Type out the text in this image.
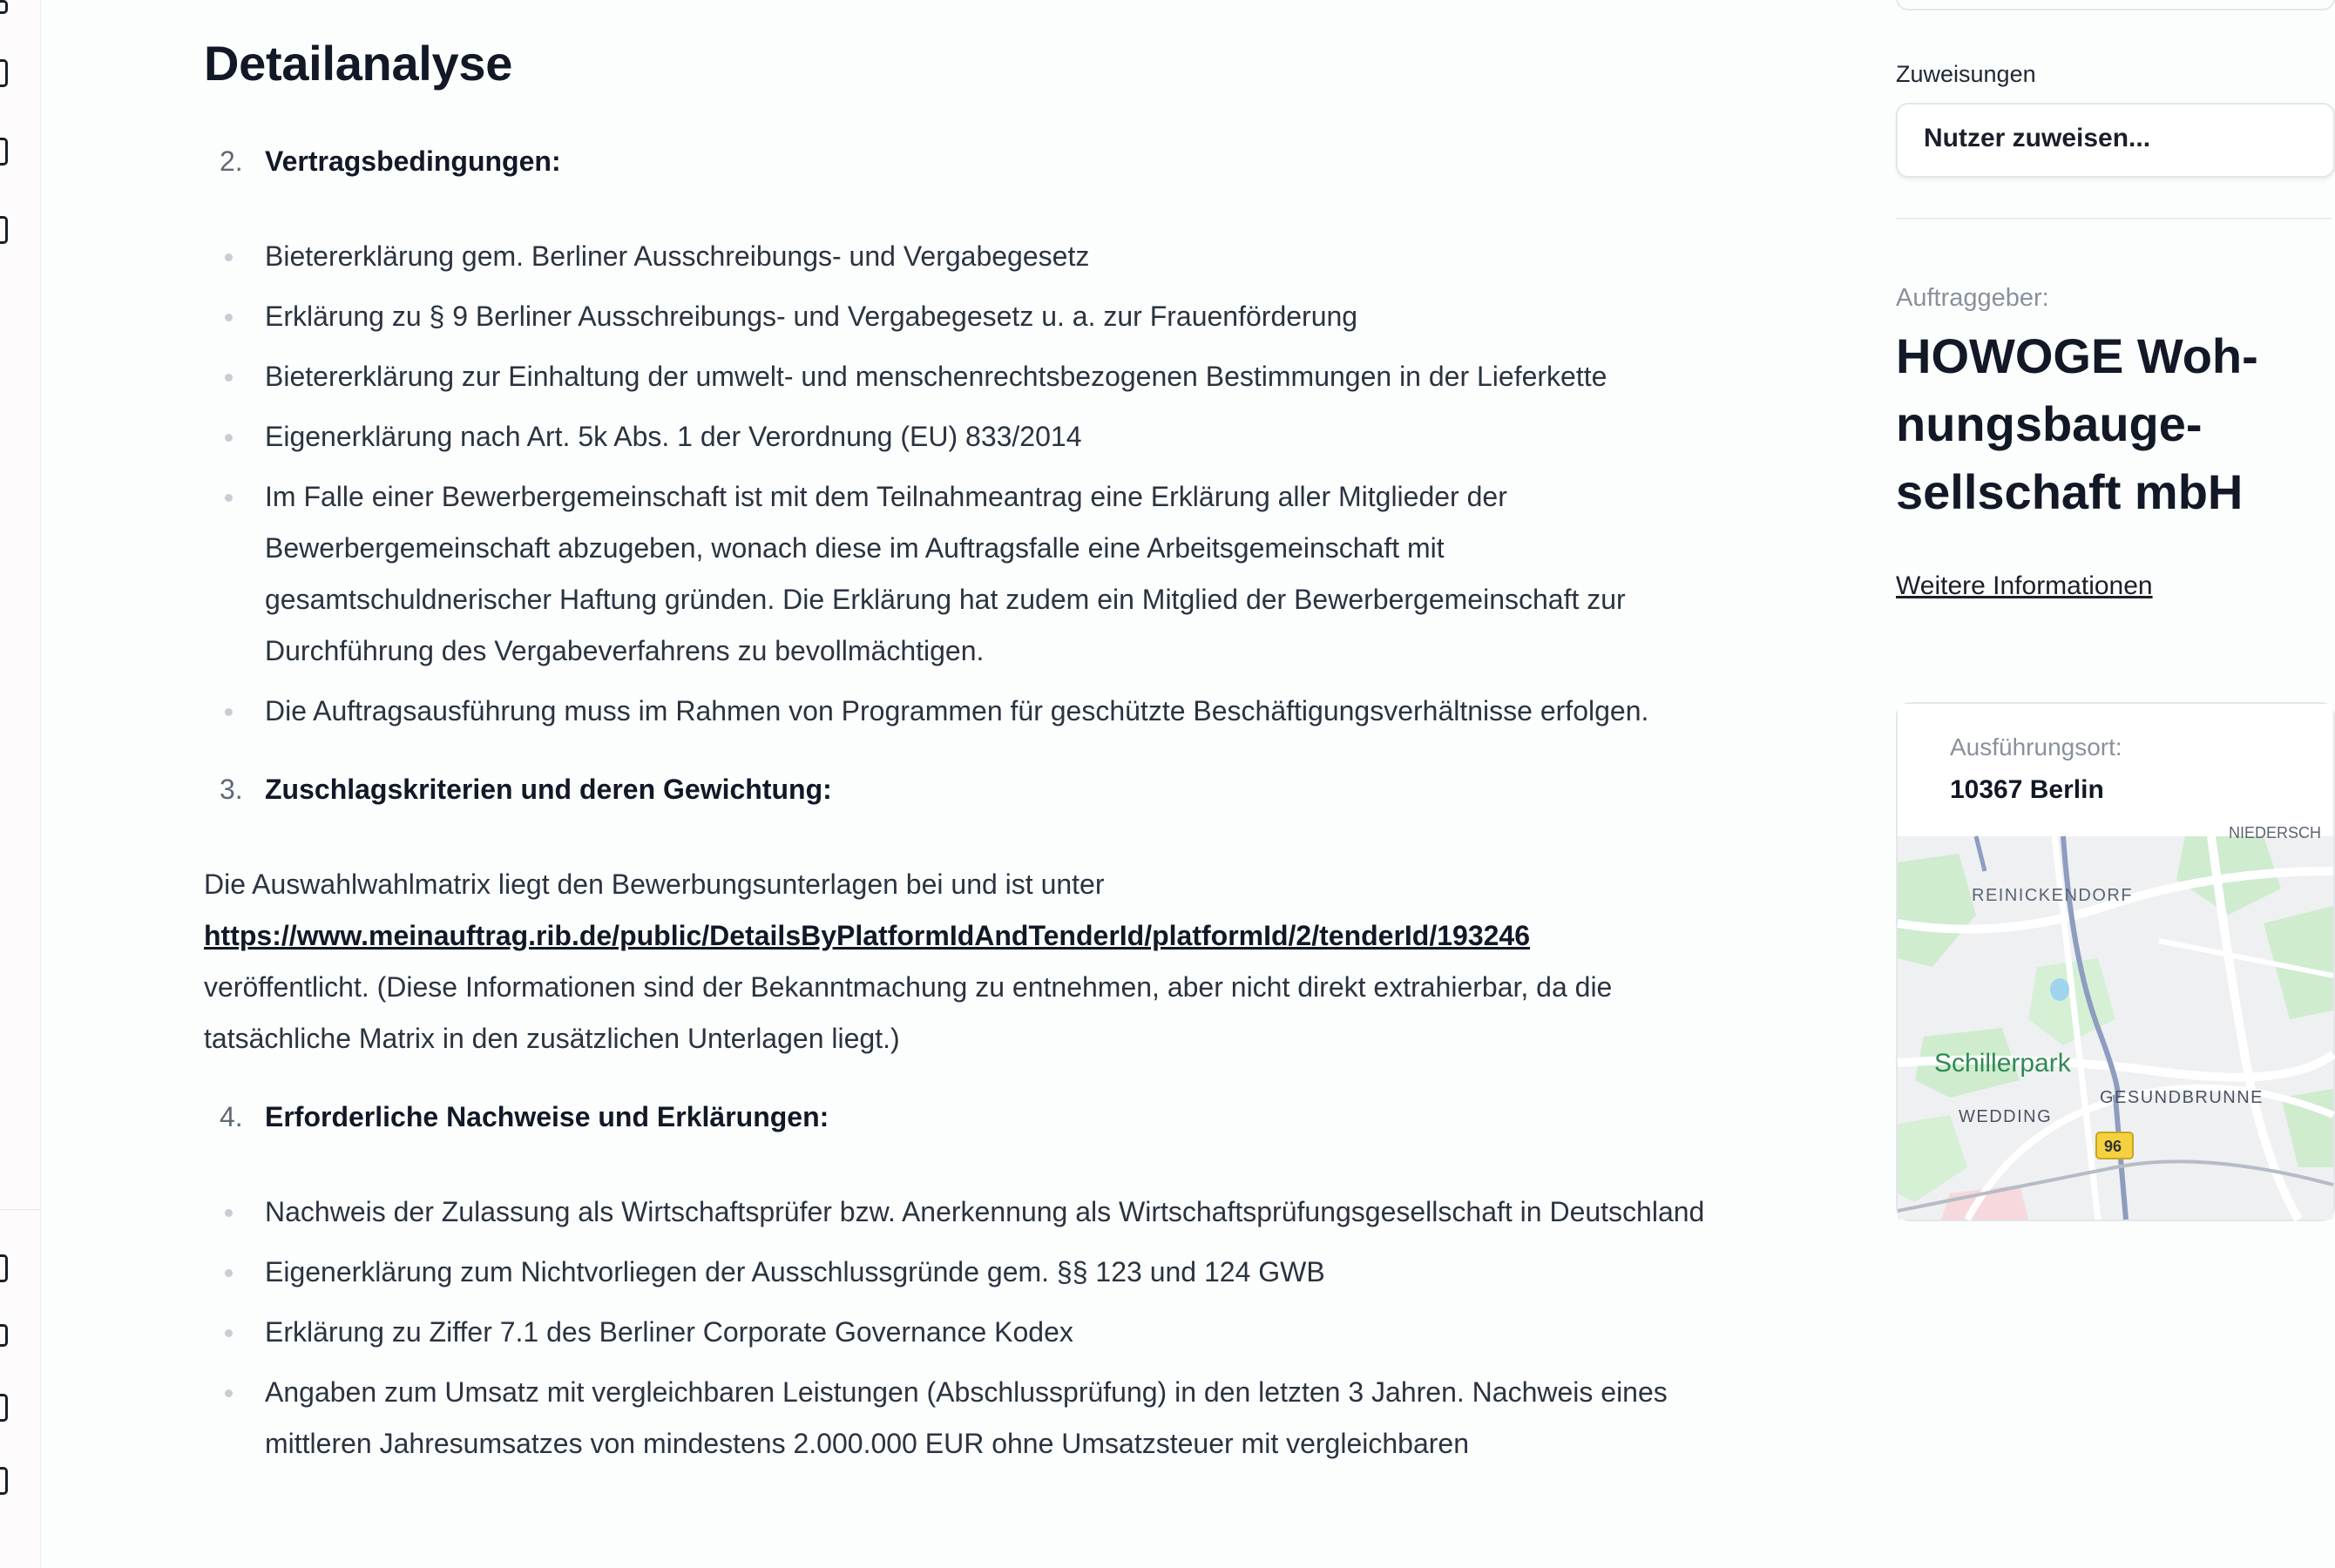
Detailanalyse
2. Vertragsbedingungen:
Bietererklärung gem. Berliner Ausschreibungs- und Vergabegesetz
Erklärung zu § 9 Berliner Ausschreibungs- und Vergabegesetz u. a. zur Frauenförderung
Bietererklärung zur Einhaltung der umwelt- und menschenrechtsbezogenen Bestimmungen in der Lieferkette
Eigenerklärung nach Art. 5k Abs. 1 der Verordnung (EU) 833/2014
Im Falle einer Bewerbergemeinschaft ist mit dem Teilnahmeantrag eine Erklärung aller Mitglieder der Bewerbergemeinschaft abzugeben, wonach diese im Auftragsfalle eine Arbeitsgemeinschaft mit gesamtschuldnerischer Haftung gründen. Die Erklärung hat zudem ein Mitglied der Bewerbergemeinschaft zur Durchführung des Vergabeverfahrens zu bevollmächtigen.
Die Auftragsausführung muss im Rahmen von Programmen für geschützte Beschäftigungsverhältnisse erfolgen.
3. Zuschlagskriterien und deren Gewichtung:

Die Auswahlwahlmatrix liegt den Bewerbungsunterlagen bei und ist unter
https://www.meinauftrag.rib.de/public/DetailsByPlatformIdAndTenderId/platformId/2/tenderId/193246
veröffentlicht. (Diese Informationen sind der Bekanntmachung zu entnehmen, aber nicht direkt extrahierbar, da die tatsächliche Matrix in den zusätzlichen Unterlagen liegt.)

4. Erforderliche Nachweise und Erklärungen:
Nachweis der Zulassung als Wirtschaftsprüfer bzw. Anerkennung als Wirtschaftsprüfungsgesellschaft in Deutschland
Eigenerklärung zum Nichtvorliegen der Ausschlussgründe gem. §§ 123 und 124 GWB
Erklärung zu Ziffer 7.1 des Berliner Corporate Governance Kodex
Angaben zum Umsatz mit vergleichbaren Leistungen (Abschlussprüfung) in den letzten 3 Jahren. Nachweis eines mittleren Jahresumsatzes von mindestens 2.000.000 EUR ohne Umsatzsteuer mit vergleichbaren
Zuweisungen
Nutzer zuweisen...
Auftraggeber:
HOWOGE Woh-nungsbauge-sellschaft mbH
Weitere Informationen
Ausführungsort:
10367 Berlin
REINICKENDORF
NIEDERSCH
Schillerpark
WEDDING
GESUNDBRUNNE
96
